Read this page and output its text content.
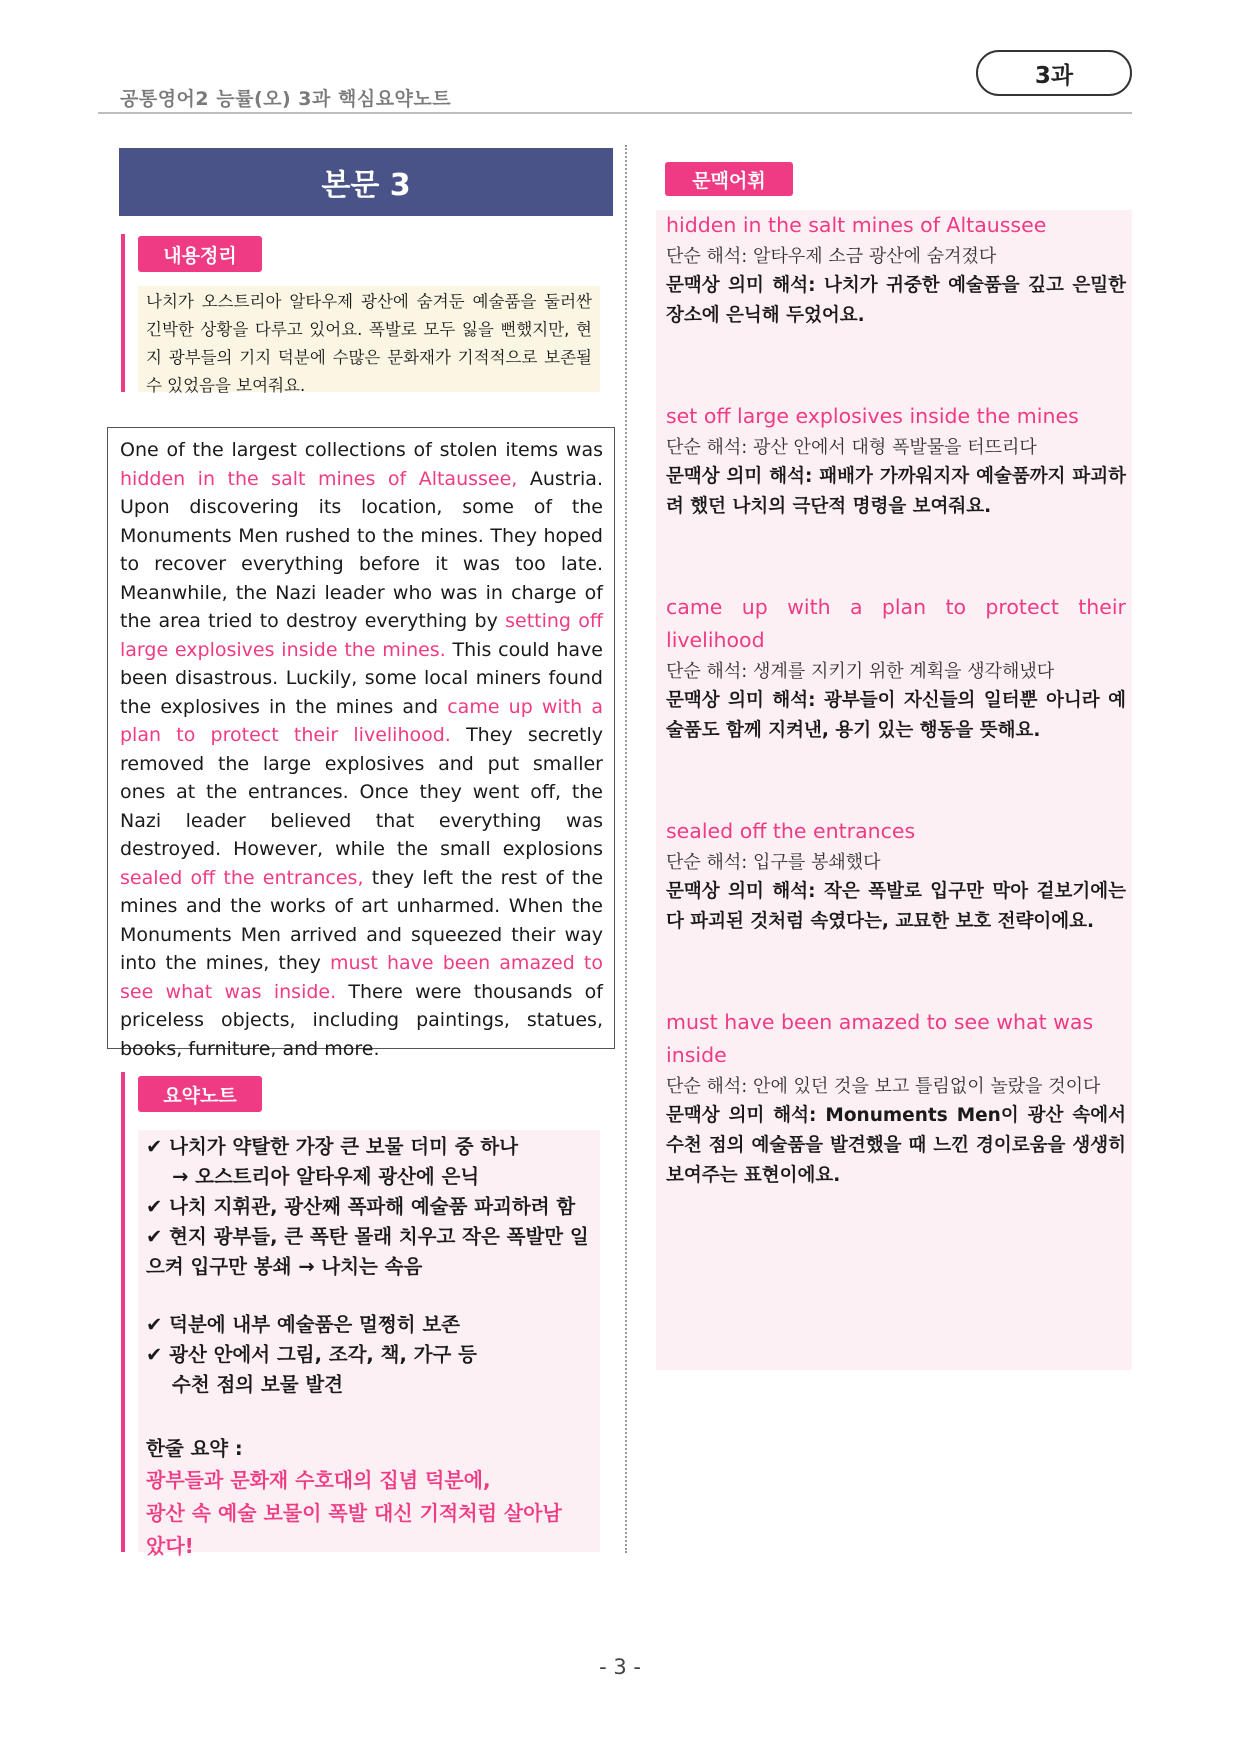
공통영어2 능률(오) 3과 핵심요약노트
3과
본문 3
내용정리
나치가 오스트리아 알타우제 광산에 숨겨둔 예술품을 둘러싼 긴박한 상황을 다루고 있어요. 폭발로 모두 잃을 뻔했지만, 현지 광부들의 기지 덕분에 수많은 문화재가 기적적으로 보존될 수 있었음을 보여줘요.
One of the largest collections of stolen items was hidden in the salt mines of Altaussee, Austria. Upon discovering its location, some of the Monuments Men rushed to the mines. They hoped to recover everything before it was too late. Meanwhile, the Nazi leader who was in charge of the area tried to destroy everything by setting off large explosives inside the mines. This could have been disastrous. Luckily, some local miners found the explosives in the mines and came up with a plan to protect their livelihood. They secretly removed the large explosives and put smaller ones at the entrances. Once they went off, the Nazi leader believed that everything was destroyed. However, while the small explosions sealed off the entrances, they left the rest of the mines and the works of art unharmed. When the Monuments Men arrived and squeezed their way into the mines, they must have been amazed to see what was inside. There were thousands of priceless objects, including paintings, statues, books, furniture, and more.
요약노트
✔ 나치가 약탈한 가장 큰 보물 더미 중 하나
→ 오스트리아 알타우제 광산에 은닉
✔ 나치 지휘관, 광산째 폭파해 예술품 파괴하려 함
✔ 현지 광부들, 큰 폭탄 몰래 치우고 작은 폭발만 일
으켜 입구만 봉쇄 → 나치는 속음
✔ 덕분에 내부 예술품은 멀쩡히 보존
✔ 광산 안에서 그림, 조각, 책, 가구 등
수천 점의 보물 발견
한줄 요약 :
광부들과 문화재 수호대의 집념 덕분에,
광산 속 예술 보물이 폭발 대신 기적처럼 살아남
았다!
문맥어휘
hidden in the salt mines of Altaussee
단순 해석: 알타우제 소금 광산에 숨겨졌다
문맥상 의미 해석: 나치가 귀중한 예술품을 깊고 은밀한 장소에 은닉해 두었어요.
set off large explosives inside the mines
단순 해석: 광산 안에서 대형 폭발물을 터뜨리다
문맥상 의미 해석: 패배가 가까워지자 예술품까지 파괴하려 했던 나치의 극단적 명령을 보여줘요.
came up with a plan to protect their
livelihood
단순 해석: 생계를 지키기 위한 계획을 생각해냈다
문맥상 의미 해석: 광부들이 자신들의 일터뿐 아니라 예술품도 함께 지켜낸, 용기 있는 행동을 뜻해요.
sealed off the entrances
단순 해석: 입구를 봉쇄했다
문맥상 의미 해석: 작은 폭발로 입구만 막아 겉보기에는 다 파괴된 것처럼 속였다는, 교묘한 보호 전략이에요.
must have been amazed to see what was inside
단순 해석: 안에 있던 것을 보고 틀림없이 놀랐을 것이다
문맥상 의미 해석: Monuments Men이 광산 속에서 수천 점의 예술품을 발견했을 때 느낀 경이로움을 생생히 보여주는 표현이에요.
- 3 -
